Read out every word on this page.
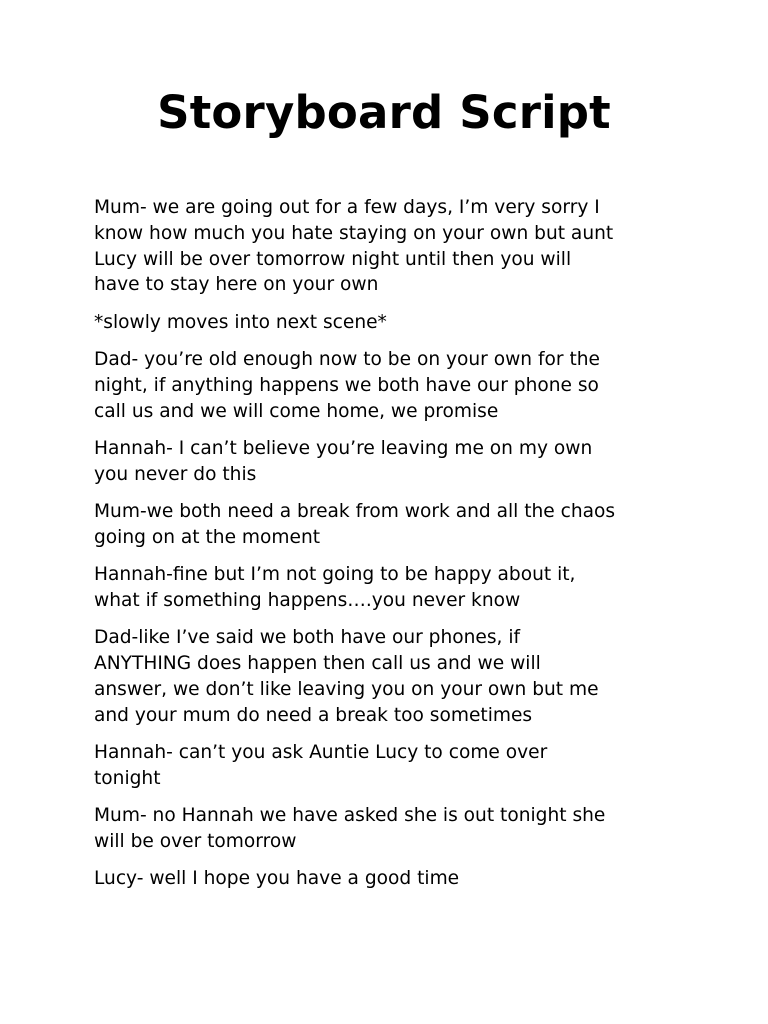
Storyboard Script

Mum- we are going out for a few days, I’m very sorry I
know how much you hate staying on your own but aunt
Lucy will be over tomorrow night until then you will
have to stay here on your own

*slowly moves into next scene*

Dad- you’re old enough now to be on your own for the
night, if anything happens we both have our phone so
call us and we will come home, we promise

Hannah- I can’t believe you’re leaving me on my own
you never do this

Mum-we both need a break from work and all the chaos
going on at the moment

Hannah-fine but I’m not going to be happy about it,
what if something happens….you never know

Dad-like I’ve said we both have our phones, if
ANYTHING does happen then call us and we will
answer, we don’t like leaving you on your own but me
and your mum do need a break too sometimes

Hannah- can’t you ask Auntie Lucy to come over
tonight

Mum- no Hannah we have asked she is out tonight she
will be over tomorrow

Lucy- well I hope you have a good time
